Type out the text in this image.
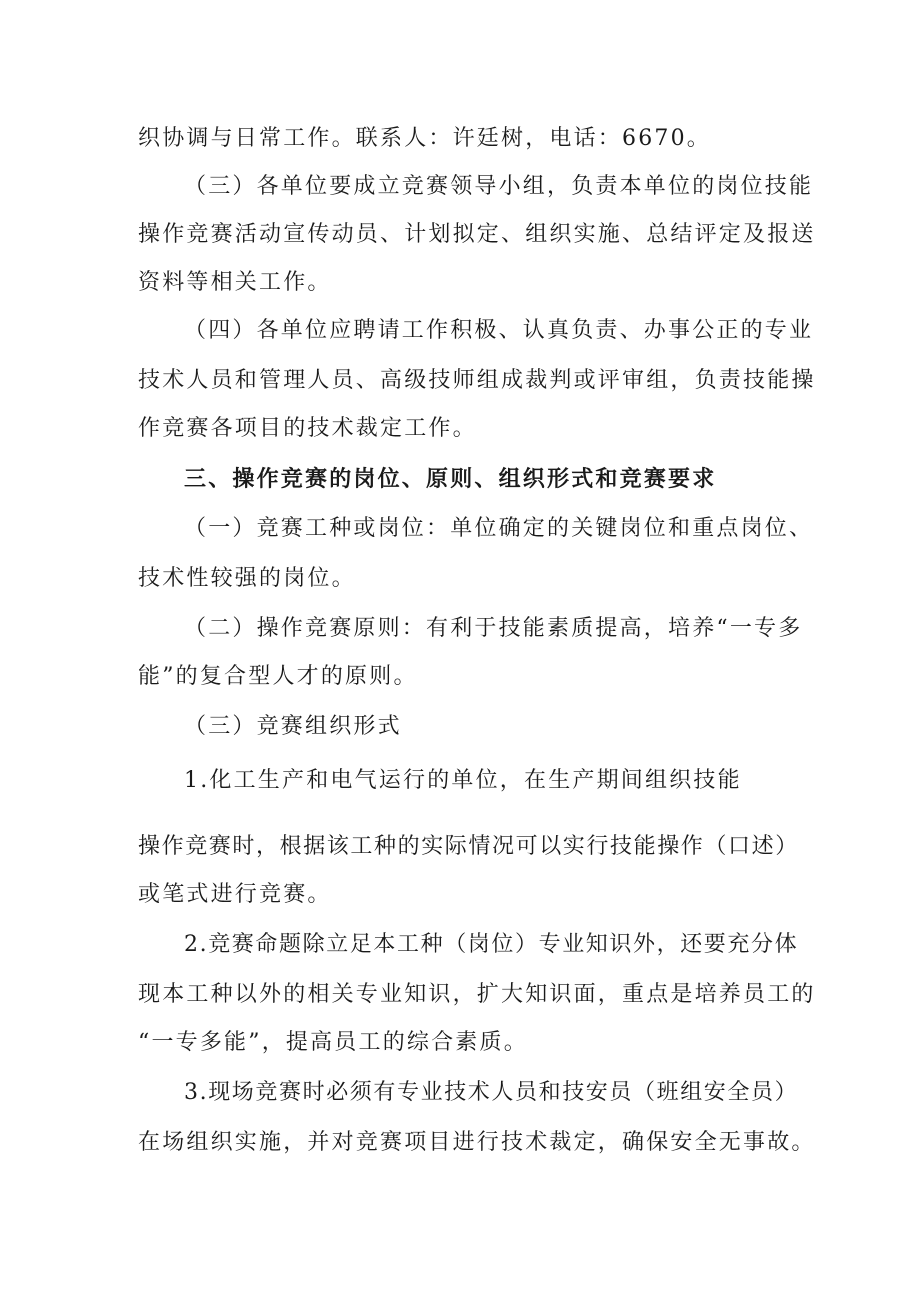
织协调与日常工作。联系人：许廷树，电话：6670。
（三）各单位要成立竞赛领导小组，负责本单位的岗位技能
操作竞赛活动宣传动员、计划拟定、组织实施、总结评定及报送
资料等相关工作。
（四）各单位应聘请工作积极、认真负责、办事公正的专业
技术人员和管理人员、高级技师组成裁判或评审组，负责技能操
作竞赛各项目的技术裁定工作。
三、操作竞赛的岗位、原则、组织形式和竞赛要求
（一）竞赛工种或岗位：单位确定的关键岗位和重点岗位、
技术性较强的岗位。
（二）操作竞赛原则：有利于技能素质提高，培养“一专多
能”的复合型人才的原则。
（三）竞赛组织形式
1.化工生产和电气运行的单位，在生产期间组织技能
操作竞赛时，根据该工种的实际情况可以实行技能操作（口述）
或笔式进行竞赛。
2.竞赛命题除立足本工种（岗位）专业知识外，还要充分体
现本工种以外的相关专业知识，扩大知识面，重点是培养员工的
“一专多能”，提高员工的综合素质。
3.现场竞赛时必须有专业技术人员和技安员（班组安全员）
在场组织实施，并对竞赛项目进行技术裁定，确保安全无事故。
